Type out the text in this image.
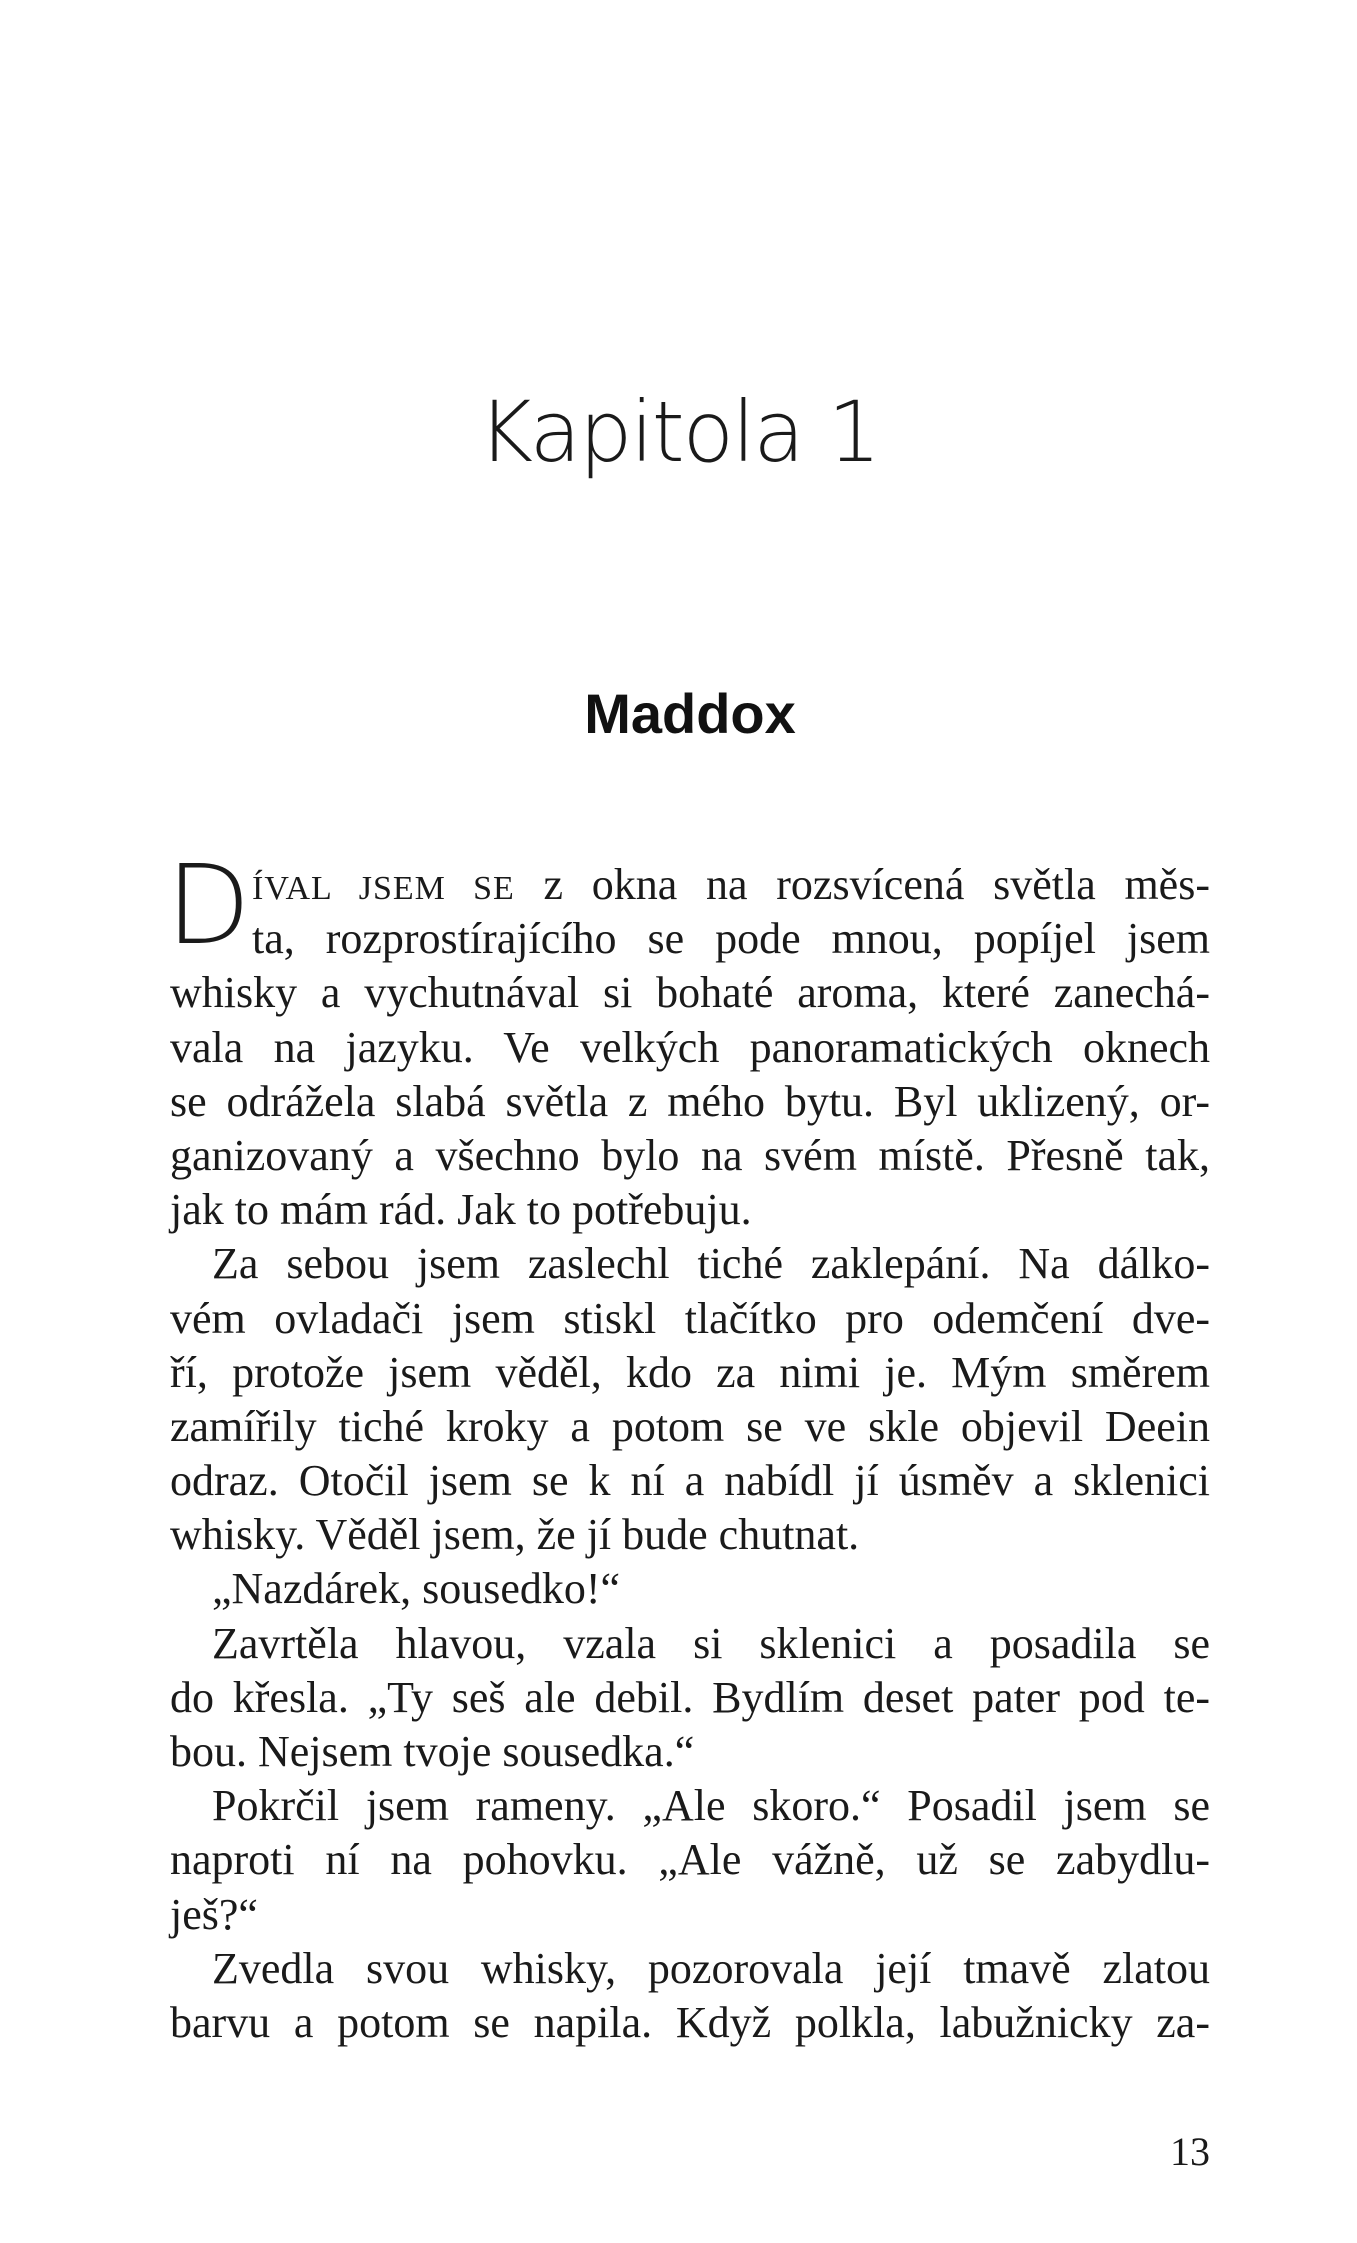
Kapitola 1
Maddox
D ÍVAL JSEM SE z okna na rozsvícená světla měs-
ta, rozprostírajícího se pode mnou, popíjel jsem
whisky a vychutnával si bohaté aroma, které zanechá-
vala na jazyku. Ve velkých panoramatických oknech
se odrážela slabá světla z mého bytu. Byl uklizený, or-
ganizovaný a všechno bylo na svém místě. Přesně tak,
jak to mám rád. Jak to potřebuju.
Za sebou jsem zaslechl tiché zaklepání. Na dálko-
vém ovladači jsem stiskl tlačítko pro odemčení dve-
ří, protože jsem věděl, kdo za nimi je. Mým směrem
zamířily tiché kroky a potom se ve skle objevil Deein
odraz. Otočil jsem se k ní a nabídl jí úsměv a sklenici
whisky. Věděl jsem, že jí bude chutnat.
„Nazdárek, sousedko!“
Zavrtěla hlavou, vzala si sklenici a posadila se
do křesla. „Ty seš ale debil. Bydlím deset pater pod te-
bou. Nejsem tvoje sousedka.“
Pokrčil jsem rameny. „Ale skoro.“ Posadil jsem se
naproti ní na pohovku. „Ale vážně, už se zabydlu-
ješ?“
Zvedla svou whisky, pozorovala její tmavě zlatou
barvu a potom se napila. Když polkla, labužnicky za-
13
